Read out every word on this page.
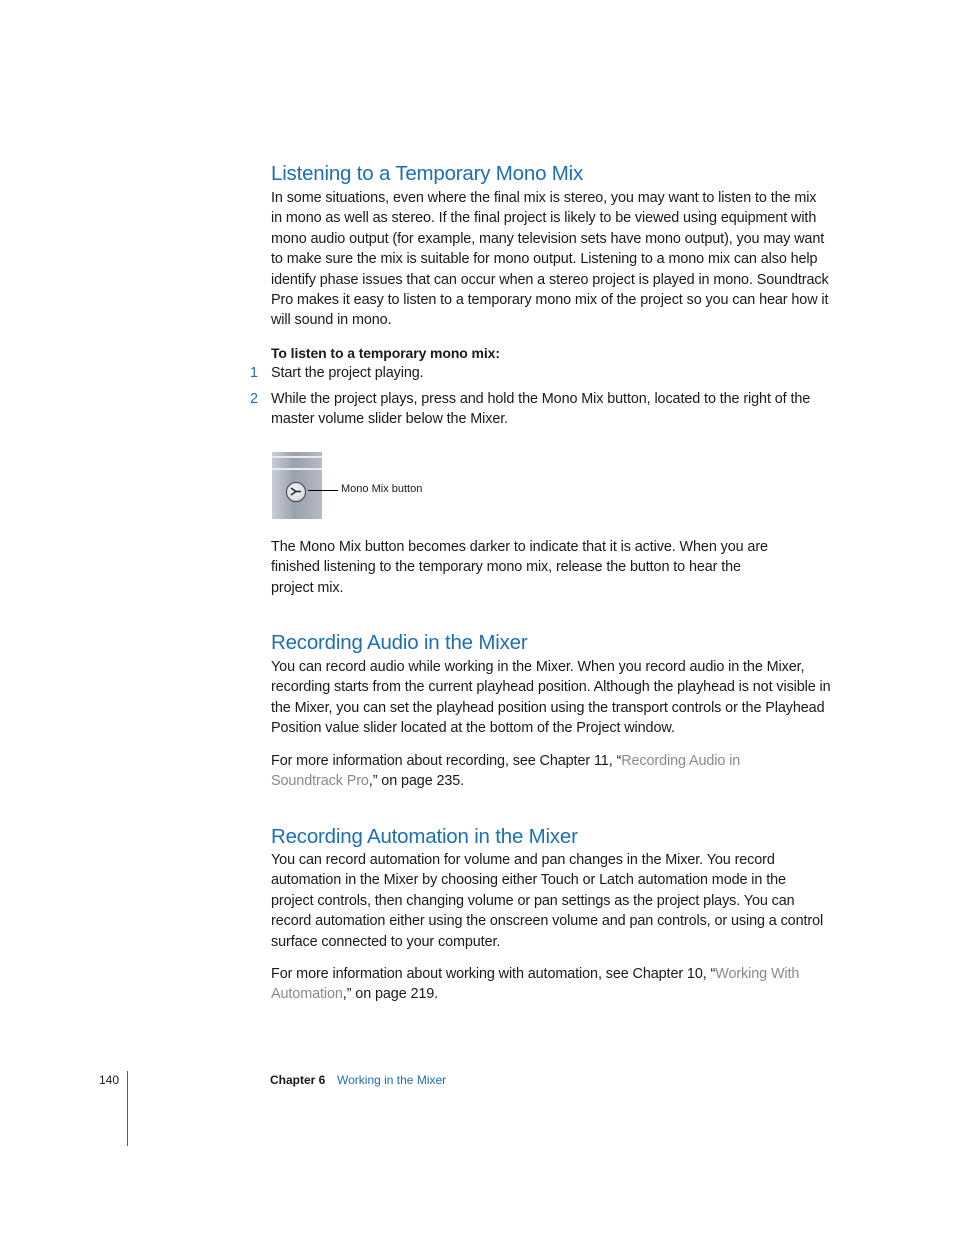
Listening to a Temporary Mono Mix

In some situations, even where the final mix is stereo, you may want to listen to the mix in mono as well as stereo. If the final project is likely to be viewed using equipment with mono audio output (for example, many television sets have mono output), you may want to make sure the mix is suitable for mono output. Listening to a mono mix can also help identify phase issues that can occur when a stereo project is played in mono. Soundtrack Pro makes it easy to listen to a temporary mono mix of the project so you can hear how it will sound in mono.

To listen to a temporary mono mix:

1 Start the project playing.

2 While the project plays, press and hold the Mono Mix button, located to the right of the master volume slider below the Mixer.

Mono Mix button

The Mono Mix button becomes darker to indicate that it is active. When you are finished listening to the temporary mono mix, release the button to hear the project mix.

Recording Audio in the Mixer

You can record audio while working in the Mixer. When you record audio in the Mixer, recording starts from the current playhead position. Although the playhead is not visible in the Mixer, you can set the playhead position using the transport controls or the Playhead Position value slider located at the bottom of the Project window.

For more information about recording, see Chapter 11, “Recording Audio in Soundtrack Pro,” on page 235.

Recording Automation in the Mixer

You can record automation for volume and pan changes in the Mixer. You record automation in the Mixer by choosing either Touch or Latch automation mode in the project controls, then changing volume or pan settings as the project plays. You can record automation either using the onscreen volume and pan controls, or using a control surface connected to your computer.

For more information about working with automation, see Chapter 10, “Working With Automation,” on page 219.

140	Chapter 6 Working in the Mixer
